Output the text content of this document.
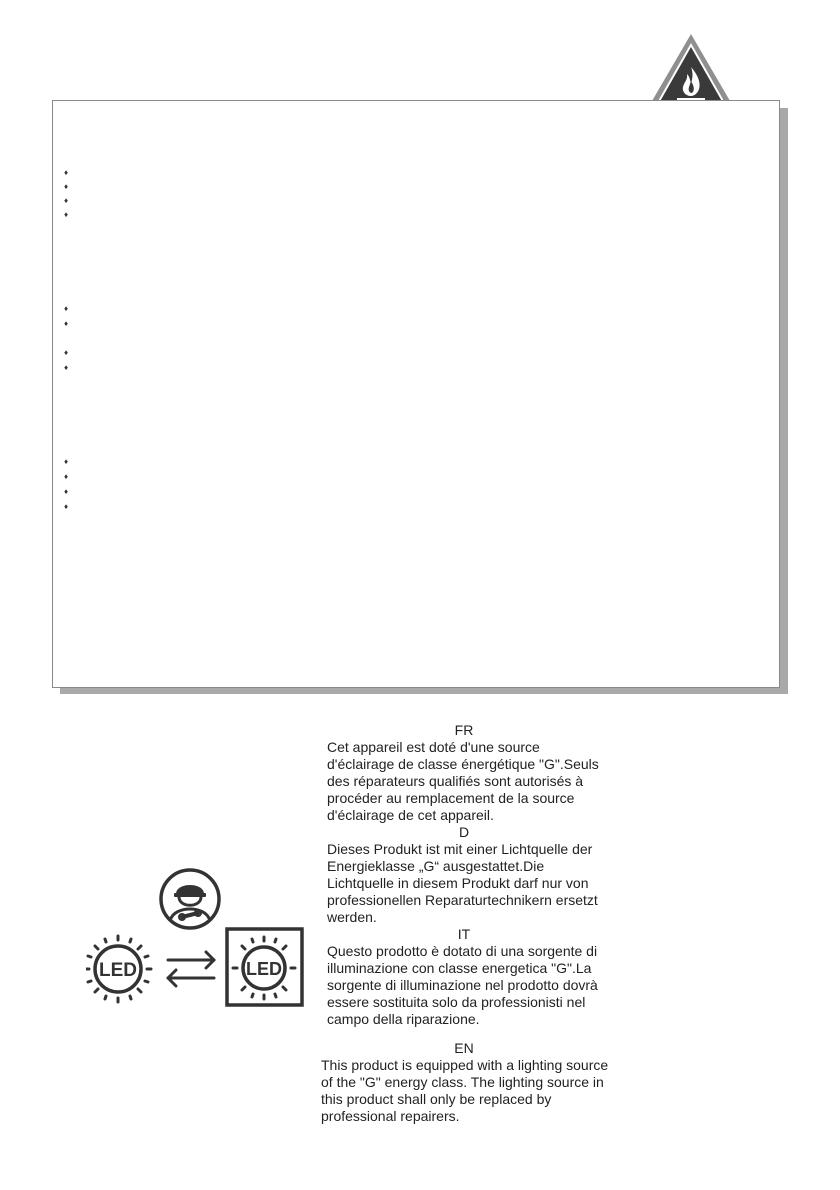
♦
♦
♦
♦
♦
♦
♦
♦
♦
♦
♦
♦
LED	LED
FR
Cet appareil est doté d'une source d'éclairage de classe énergétique "G".Seuls des réparateurs qualifiés sont autorisés à procéder au remplacement de la source d'éclairage de cet appareil.
D
Dieses Produkt ist mit einer Lichtquelle der Energieklasse „G“ ausgestattet.Die Lichtquelle in diesem Produkt darf nur von professionellen Reparaturtechnikern ersetzt werden.
IT
Questo prodotto è dotato di una sorgente di illuminazione con classe energetica "G".La sorgente di illuminazione nel prodotto dovrà essere sostituita solo da professionisti nel campo della riparazione.
EN
This product is equipped with a lighting source of the "G" energy class. The lighting source in this product shall only be replaced by professional repairers.
